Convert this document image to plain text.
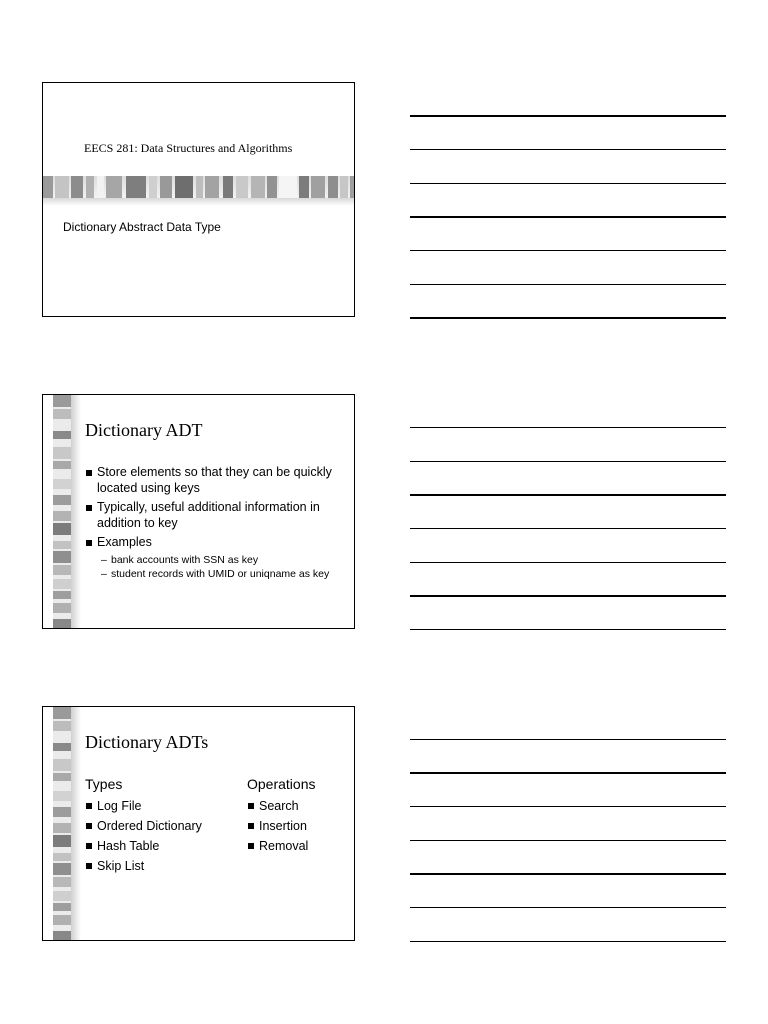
EECS 281: Data Structures and Algorithms
Dictionary Abstract Data Type
Dictionary ADT
Store elements so that they can be quickly located using keys
Typically, useful additional information in addition to key
Examples
– bank accounts with SSN as key
– student records with UMID or uniqname as key
Dictionary ADTs
Types
Log File
Ordered Dictionary
Hash Table
Skip List
Operations
Search
Insertion
Removal
